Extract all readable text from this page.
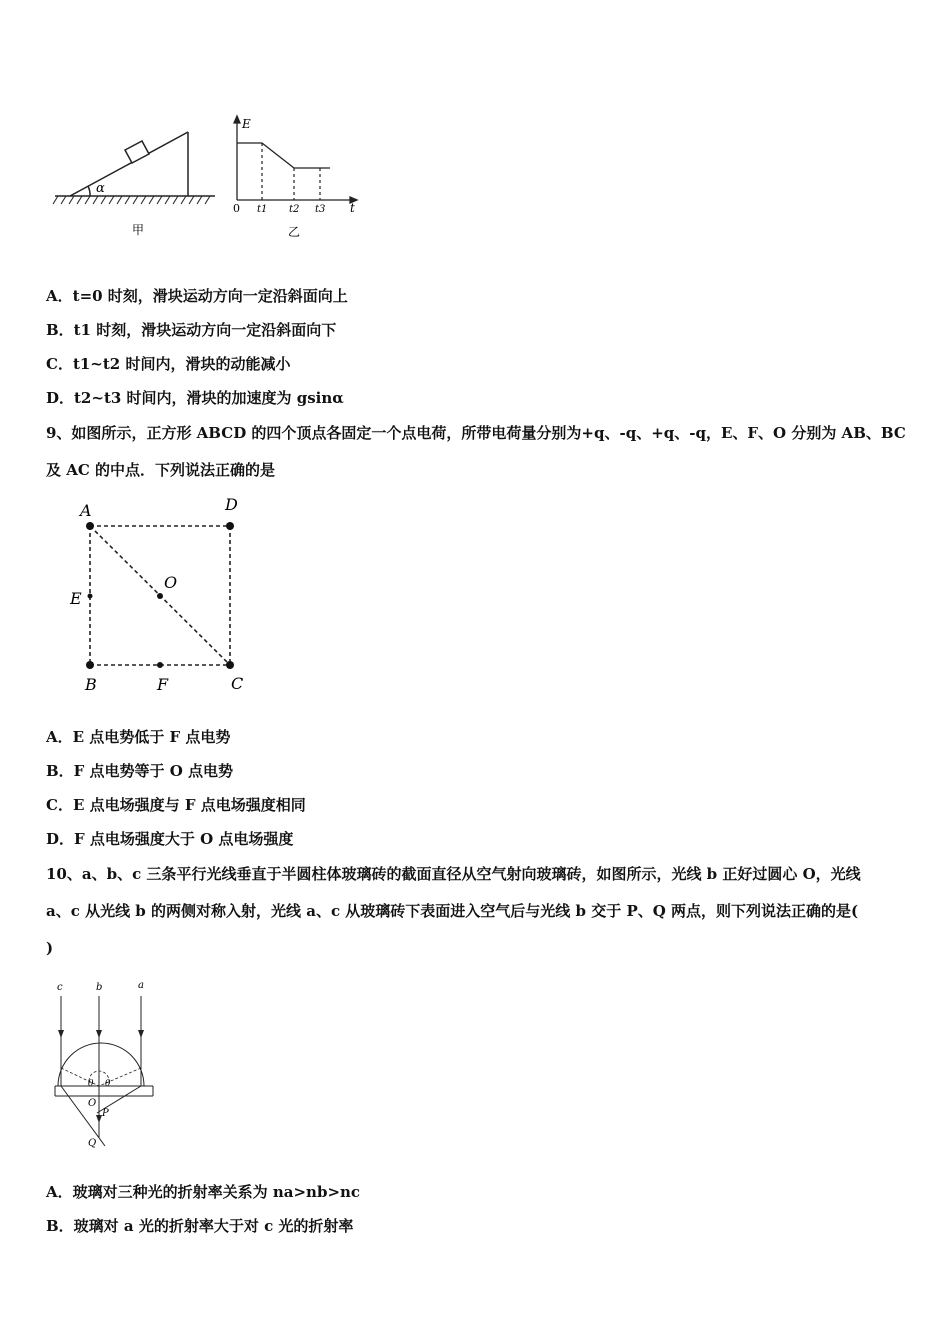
α
甲
E
t
0 t1 t2 t3
乙
A．t=0 时刻，滑块运动方向一定沿斜面向上
B．t1 时刻，滑块运动方向一定沿斜面向下
C．t1~t2 时间内，滑块的动能减小
D．t2~t3 时间内，滑块的加速度为 gsinα
9、如图所示，正方形 ABCD 的四个顶点各固定一个点电荷，所带电荷量分别为+q、-q、+q、-q，E、F、O 分别为 AB、BC
及 AC 的中点．下列说法正确的是
A	D
O
E
B	F	C
A．E 点电势低于 F 点电势
B．F 点电势等于 O 点电势
C．E 点电场强度与 F 点电场强度相同
D．F 点电场强度大于 O 点电场强度
10、a、b、c 三条平行光线垂直于半圆柱体玻璃砖的截面直径从空气射向玻璃砖，如图所示，光线 b 正好过圆心 O，光线
a、c 从光线 b 的两侧对称入射，光线 a、c 从玻璃砖下表面进入空气后与光线 b 交于 P、Q 两点，则下列说法正确的是(
)
c	b	a
θ θ
O
P
Q
A．玻璃对三种光的折射率关系为 na>nb>nc
B．玻璃对 a 光的折射率大于对 c 光的折射率
